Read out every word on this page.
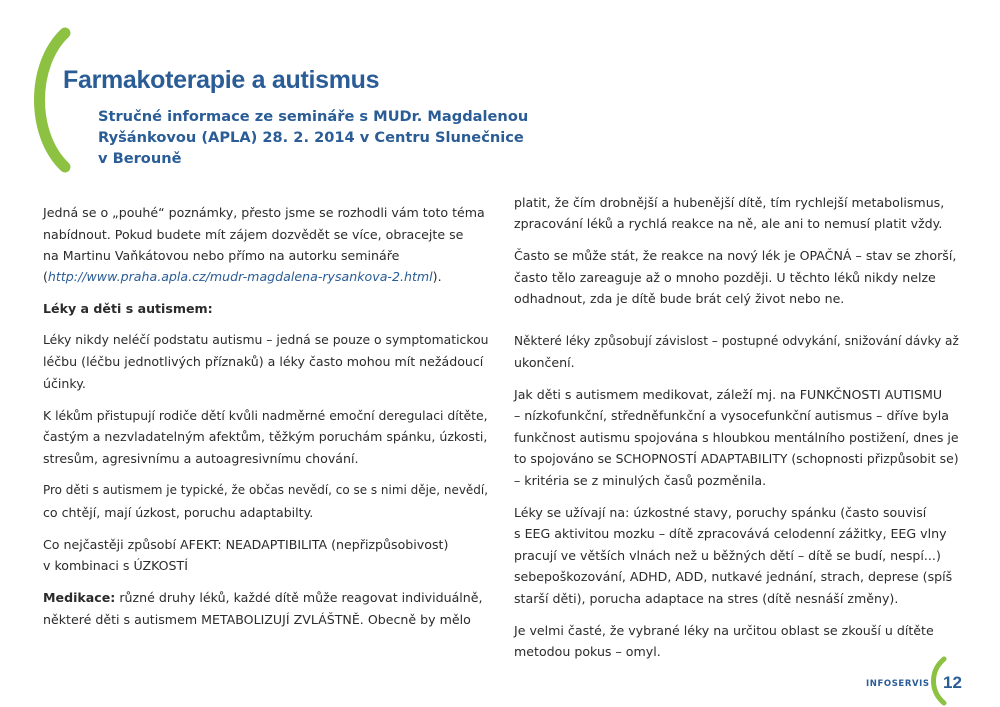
Farmakoterapie a autismus
Stručné informace ze semináře s MUDr. Magdalenou
Ryšánkovou (APLA) 28. 2. 2014 v Centru Slunečnice
v Berouně
Jedná se o „pouhé“ poznámky, přesto jsme se rozhodli vám toto téma
nabídnout. Pokud budete mít zájem dozvědět se více, obracejte se
na Martinu Vaňkátovou nebo přímo na autorku semináře
(http://www.praha.apla.cz/mudr-magdalena-rysankova-2.html).
Léky a děti s autismem:
Léky nikdy neléčí podstatu autismu – jedná se pouze o symptomatickou
léčbu (léčbu jednotlivých příznaků) a léky často mohou mít nežádoucí
účinky.
K lékům přistupují rodiče dětí kvůli nadměrné emoční deregulaci dítěte,
častým a nezvladatelným afektům, těžkým poruchám spánku, úzkosti,
stresům, agresivnímu a autoagresivnímu chování.
Pro děti s autismem je typické, že občas nevědí, co se s nimi děje, nevědí,
co chtějí, mají úzkost, poruchu adaptabilty.
Co nejčastěji způsobí AFEKT: NEADAPTIBILITA (nepřizpůsobivost)
v kombinaci s ÚZKOSTÍ
Medikace: různé druhy léků, každé dítě může reagovat individuálně,
některé děti s autismem METABOLIZUJÍ ZVLÁŠTNĚ. Obecně by mělo
platit, že čím drobnější a hubenější dítě, tím rychlejší metabolismus,
zpracování léků a rychlá reakce na ně, ale ani to nemusí platit vždy.
Často se může stát, že reakce na nový lék je OPAČNÁ – stav se zhorší,
často tělo zareaguje až o mnoho později. U těchto léků nikdy nelze
odhadnout, zda je dítě bude brát celý život nebo ne.
Některé léky způsobují závislost – postupné odvykání, snižování dávky až
ukončení.
Jak děti s autismem medikovat, záleží mj. na FUNKČNOSTI AUTISMU
– nízkofunkční, středněfunkční a vysocefunkční autismus – dříve byla
funkčnost autismu spojována s hloubkou mentálního postižení, dnes je
to spojováno se SCHOPNOSTÍ ADAPTABILITY (schopnosti přizpůsobit se)
– kritéria se z minulých časů pozměnila.
Léky se užívají na: úzkostné stavy, poruchy spánku (často souvisí
s EEG aktivitou mozku – dítě zpracovává celodenní zážitky, EEG vlny
pracují ve větších vlnách než u běžných dětí – dítě se budí, nespí...)
sebepoškozování, ADHD, ADD, nutkavé jednání, strach, deprese (spíš
starší děti), porucha adaptace na stres (dítě nesnáší změny).
Je velmi časté, že vybrané léky na určitou oblast se zkouší u dítěte
metodou pokus – omyl.
INFOSERVIS 12
